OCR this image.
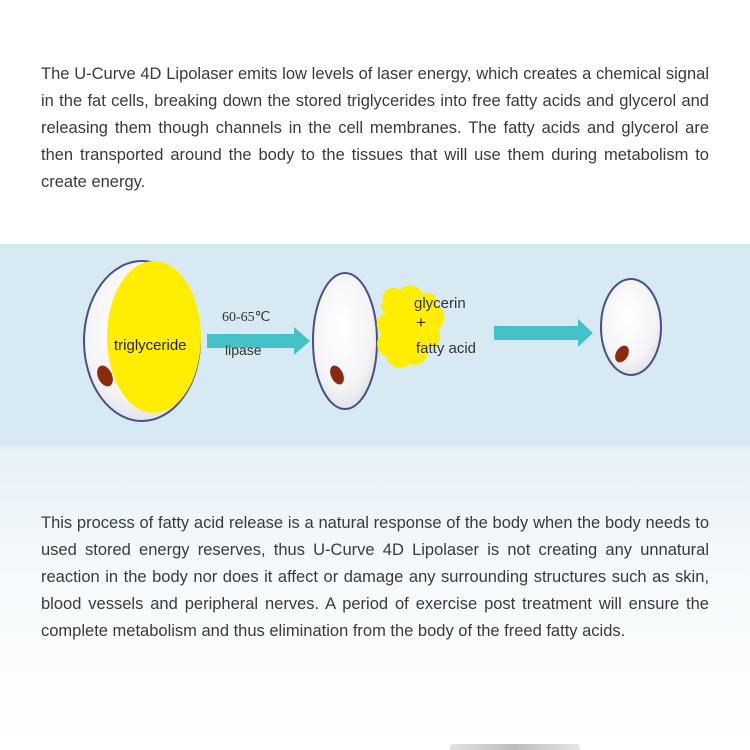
The U-Curve 4D Lipolaser emits low levels of laser energy, which creates a chemical signal in the fat cells, breaking down the stored triglycerides into free fatty acids and glycerol and releasing them though channels in the cell membranes. The fatty acids and glycerol are then transported around the body to the tissues that will use them during metabolism to create energy.

triglyceride
60-65℃
lipase
glycerin
+
fatty acid

This process of fatty acid release is a natural response of the body when the body needs to used stored energy reserves, thus U-Curve 4D Lipolaser is not creating any unnatural reaction in the body nor does it affect or damage any surrounding structures such as skin, blood vessels and peripheral nerves. A period of exercise post treatment will ensure the complete metabolism and thus elimination from the body of the freed fatty acids.
